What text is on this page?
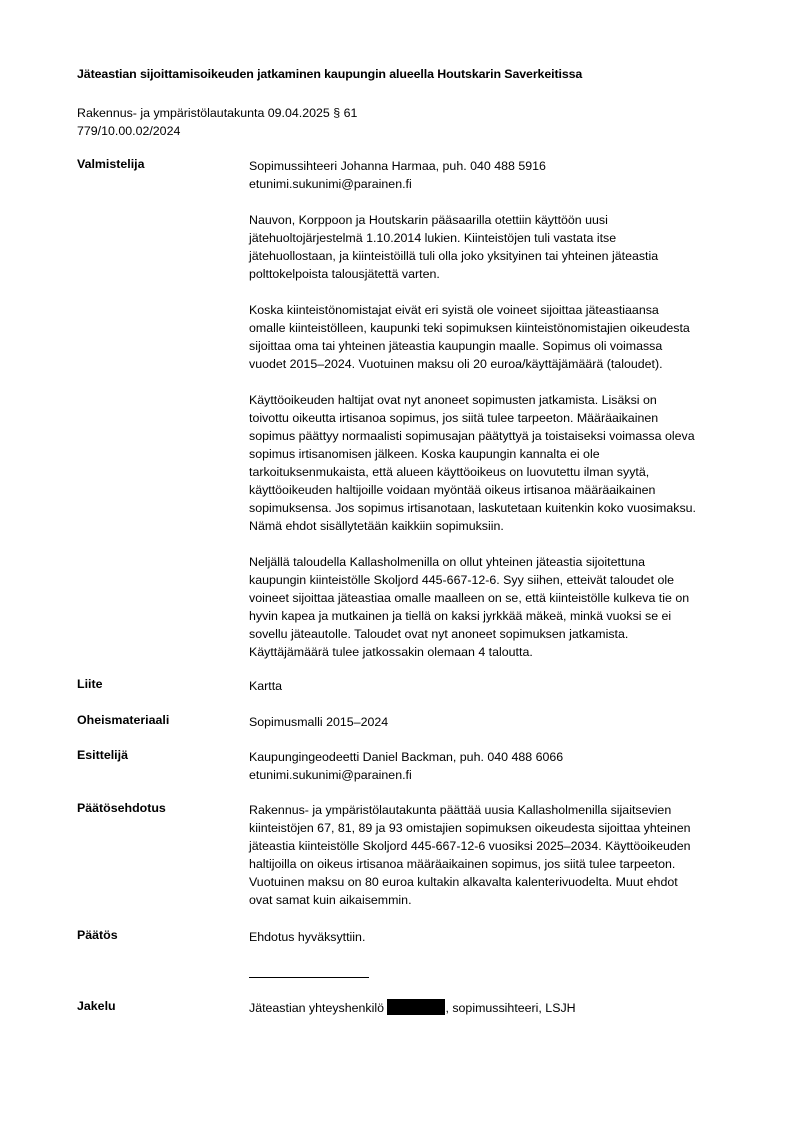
Jäteastian sijoittamisoikeuden jatkaminen kaupungin alueella Houtskarin Saverkeitissa
Rakennus- ja ympäristölautakunta 09.04.2025 § 61
779/10.00.02/2024
Valmistelija	Sopimussihteeri Johanna Harmaa, puh. 040 488 5916
etunimi.sukunimi@parainen.fi

Nauvon, Korppoon ja Houtskarin pääsaarilla otettiin käyttöön uusi
jätehuoltojärjestelmä 1.10.2014 lukien. Kiinteistöjen tuli vastata itse
jätehuollostaan, ja kiinteistöillä tuli olla joko yksityinen tai yhteinen jäteastia
polttokelpoista talousjätettä varten.

Koska kiinteistönomistajat eivät eri syistä ole voineet sijoittaa jäteastiaansa
omalle kiinteistölleen, kaupunki teki sopimuksen kiinteistönomistajien oikeudesta
sijoittaa oma tai yhteinen jäteastia kaupungin maalle. Sopimus oli voimassa
vuodet 2015–2024. Vuotuinen maksu oli 20 euroa/käyttäjämäärä (taloudet).

Käyttöoikeuden haltijat ovat nyt anoneet sopimusten jatkamista. Lisäksi on
toivottu oikeutta irtisanoa sopimus, jos siitä tulee tarpeeton. Määräaikainen
sopimus päättyy normaalisti sopimusajan päätyttyä ja toistaiseksi voimassa oleva
sopimus irtisanomisen jälkeen. Koska kaupungin kannalta ei ole
tarkoituksenmukaista, että alueen käyttöoikeus on luovutettu ilman syytä,
käyttöoikeuden haltijoille voidaan myöntää oikeus irtisanoa määräaikainen
sopimuksensa. Jos sopimus irtisanotaan, laskutetaan kuitenkin koko vuosimaksu.
Nämä ehdot sisällytetään kaikkiin sopimuksiin.

Neljällä taloudella Kallasholmenilla on ollut yhteinen jäteastia sijoitettuna
kaupungin kiinteistölle Skoljord 445-667-12-6. Syy siihen, etteivät taloudet ole
voineet sijoittaa jäteastiaa omalle maalleen on se, että kiinteistölle kulkeva tie on
hyvin kapea ja mutkainen ja tiellä on kaksi jyrkkää mäkeä, minkä vuoksi se ei
sovellu jäteautolle. Taloudet ovat nyt anoneet sopimuksen jatkamista.
Käyttäjämäärä tulee jatkossakin olemaan 4 taloutta.

Liite	Kartta
Oheismateriaali	Sopimusmalli 2015–2024
Esittelijä	Kaupungingeodeetti Daniel Backman, puh. 040 488 6066
etunimi.sukunimi@parainen.fi
Päätösehdotus	Rakennus- ja ympäristölautakunta päättää uusia Kallasholmenilla sijaitsevien
kiinteistöjen 67, 81, 89 ja 93 omistajien sopimuksen oikeudesta sijoittaa yhteinen
jäteastia kiinteistölle Skoljord 445-667-12-6 vuosiksi 2025–2034. Käyttöoikeuden
haltijoilla on oikeus irtisanoa määräaikainen sopimus, jos siitä tulee tarpeeton.
Vuotuinen maksu on 80 euroa kultakin alkavalta kalenterivuodelta. Muut ehdot
ovat samat kuin aikaisemmin.
Päätös	Ehdotus hyväksyttiin.
Jakelu	Jäteastian yhteyshenkilö	, sopimussihteeri, LSJH
